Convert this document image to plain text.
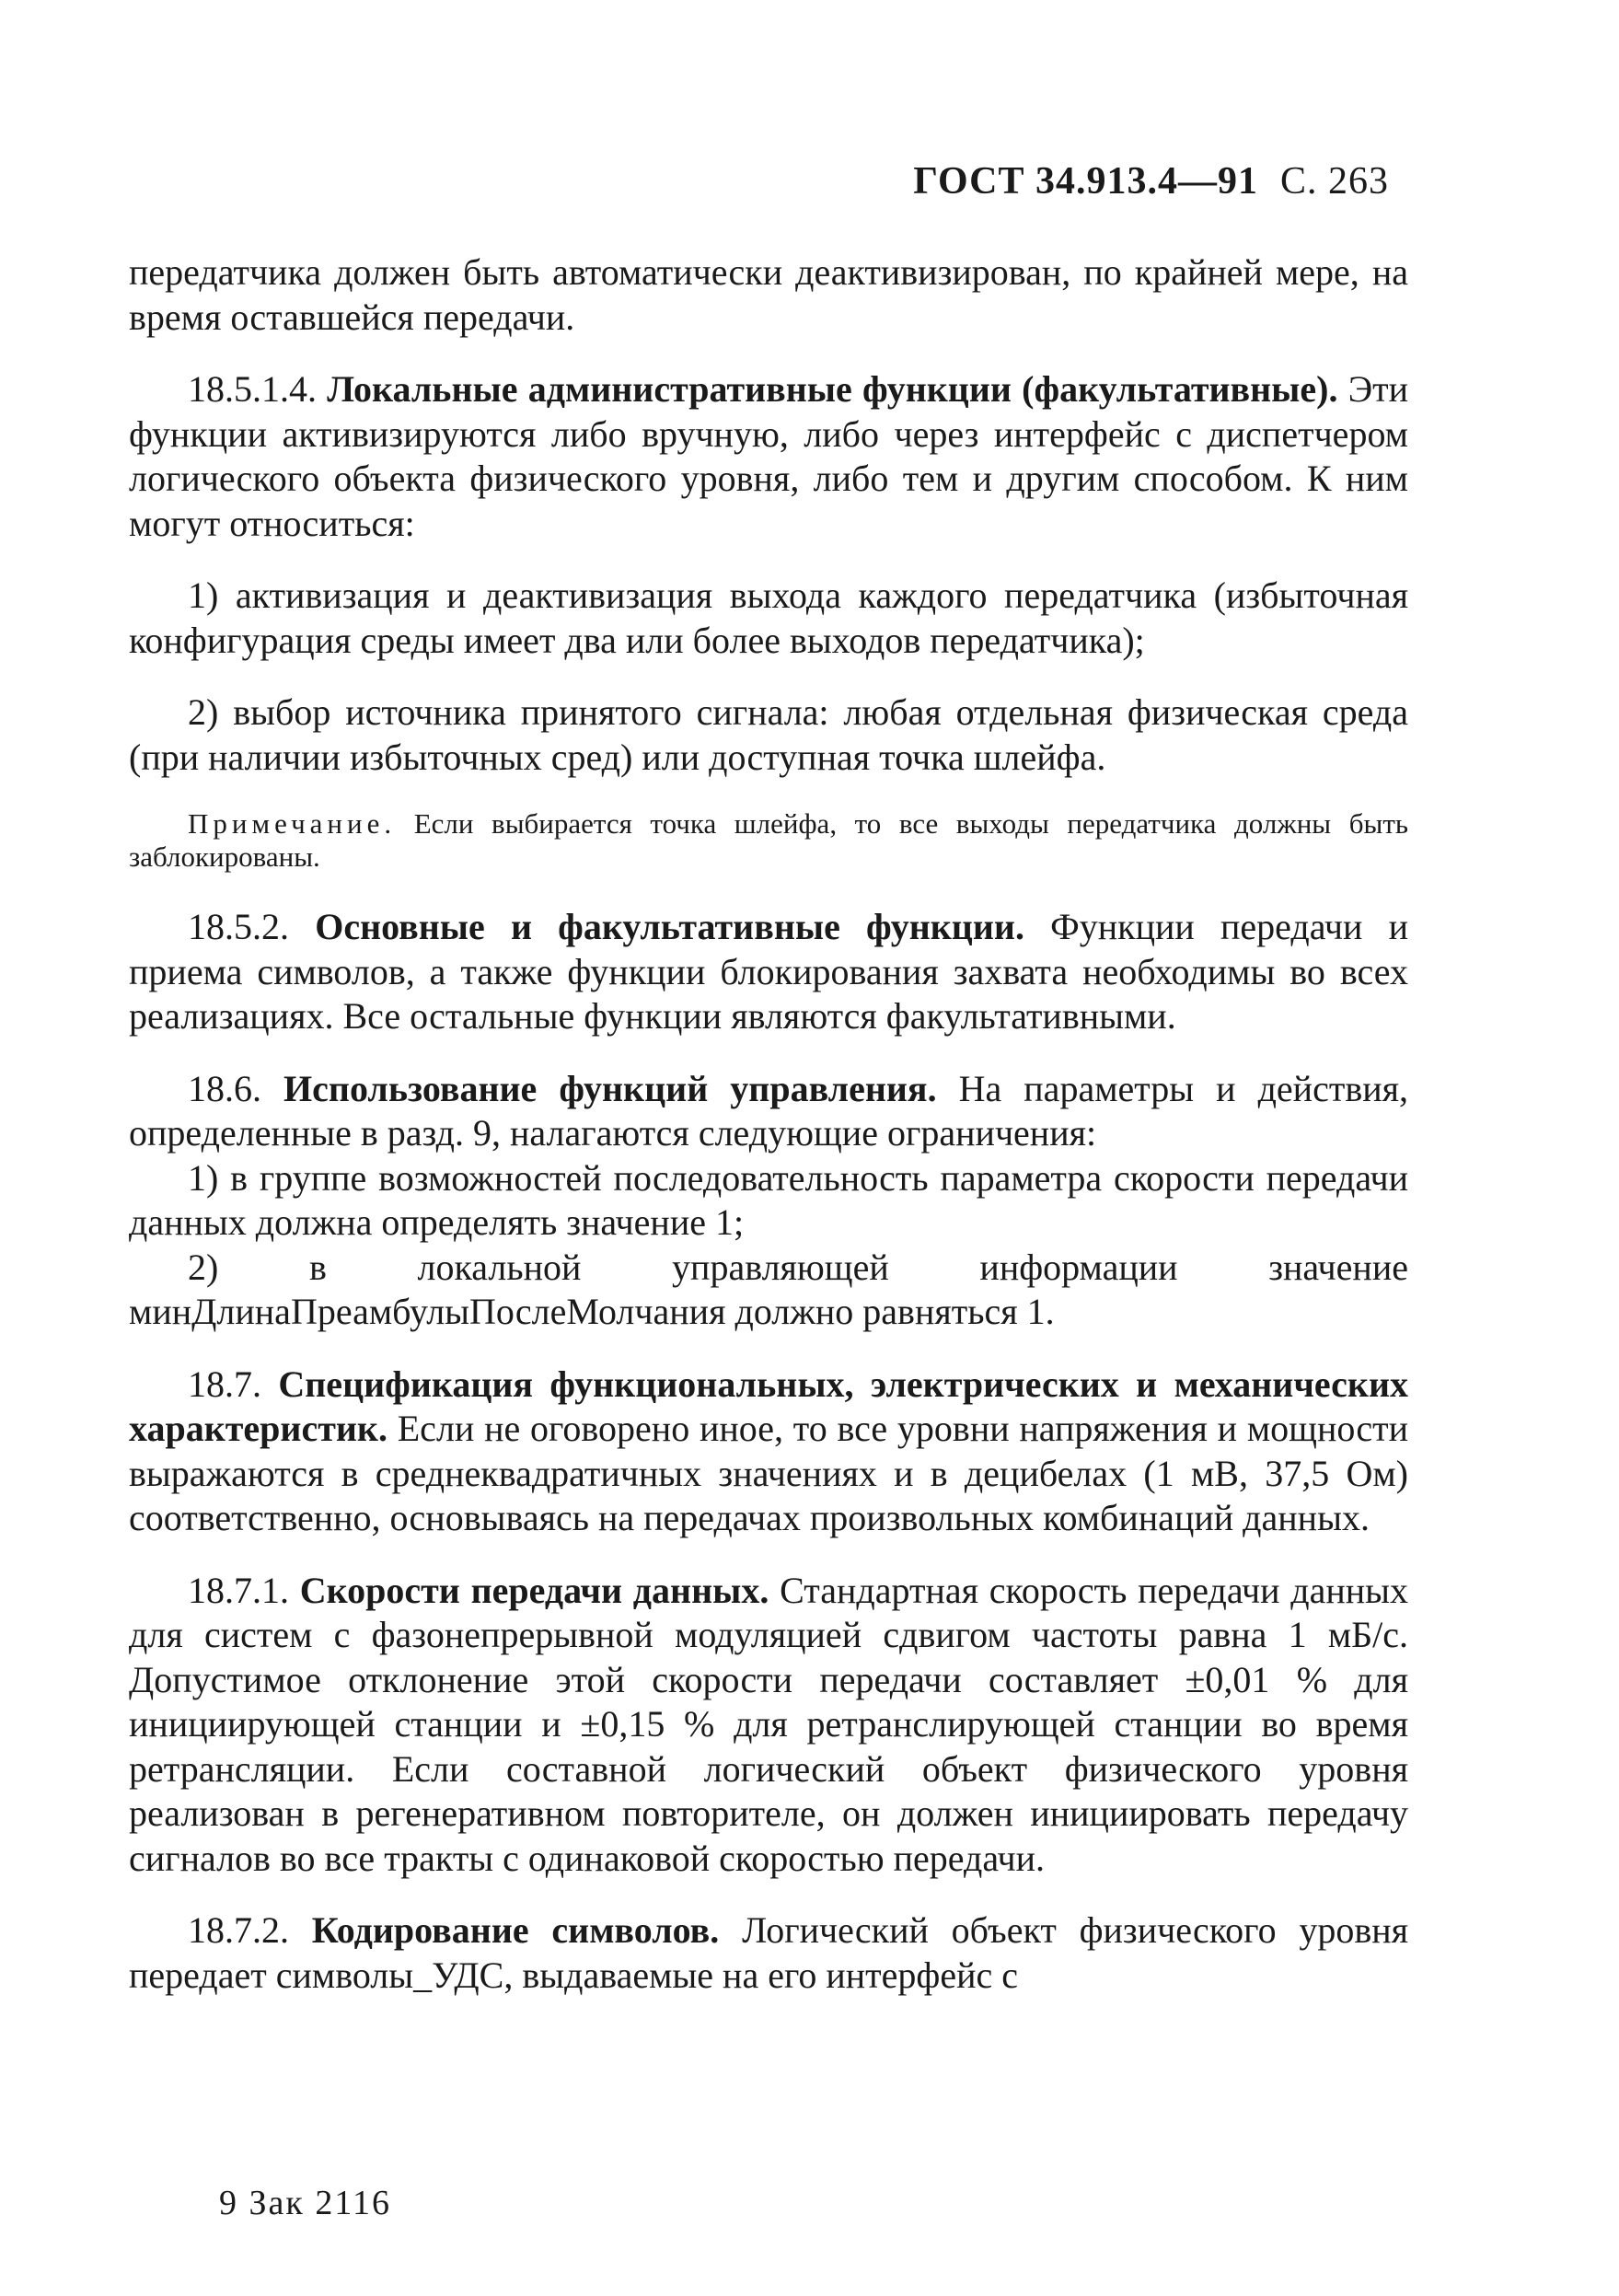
ГОСТ 34.913.4—91 С. 263

передатчика должен быть автоматически деактивизирован, по крайней мере, на время оставшейся передачи.

18.5.1.4. Локальные административные функции (факультативные). Эти функции активизируются либо вручную, либо через интерфейс с диспетчером логического объекта физического уровня, либо тем и другим способом. К ним могут относиться:

1) активизация и деактивизация выхода каждого передатчика (избыточная конфигурация среды имеет два или более выходов передатчика);

2) выбор источника принятого сигнала: любая отдельная физическая среда (при наличии избыточных сред) или доступная точка шлейфа.

Примечание. Если выбирается точка шлейфа, то все выходы передатчика должны быть заблокированы.

18.5.2. Основные и факультативные функции. Функции передачи и приема символов, а также функции блокирования захвата необходимы во всех реализациях. Все остальные функции являются факультативными.

18.6. Использование функций управления. На параметры и действия, определенные в разд. 9, налагаются следующие ограничения:

1) в группе возможностей последовательность параметра скорости передачи данных должна определять значение 1;

2) в локальной управляющей информации значение минДлинаПреамбулыПослеМолчания должно равняться 1.

18.7. Спецификация функциональных, электрических и механических характеристик. Если не оговорено иное, то все уровни напряжения и мощности выражаются в среднеквадратичных значениях и в децибелах (1 мВ, 37,5 Ом) соответственно, основываясь на передачах произвольных комбинаций данных.

18.7.1. Скорости передачи данных. Стандартная скорость передачи данных для систем с фазонепрерывной модуляцией сдвигом частоты равна 1 мБ/с. Допустимое отклонение этой скорости передачи составляет ±0,01 % для инициирующей станции и ±0,15 % для ретранслирующей станции во время ретрансляции. Если составной логический объект физического уровня реализован в регенеративном повторителе, он должен инициировать передачу сигналов во все тракты с одинаковой скоростью передачи.

18.7.2. Кодирование символов. Логический объект физического уровня передает символы_УДС, выдаваемые на его интерфейс с

9 Зак 2116
